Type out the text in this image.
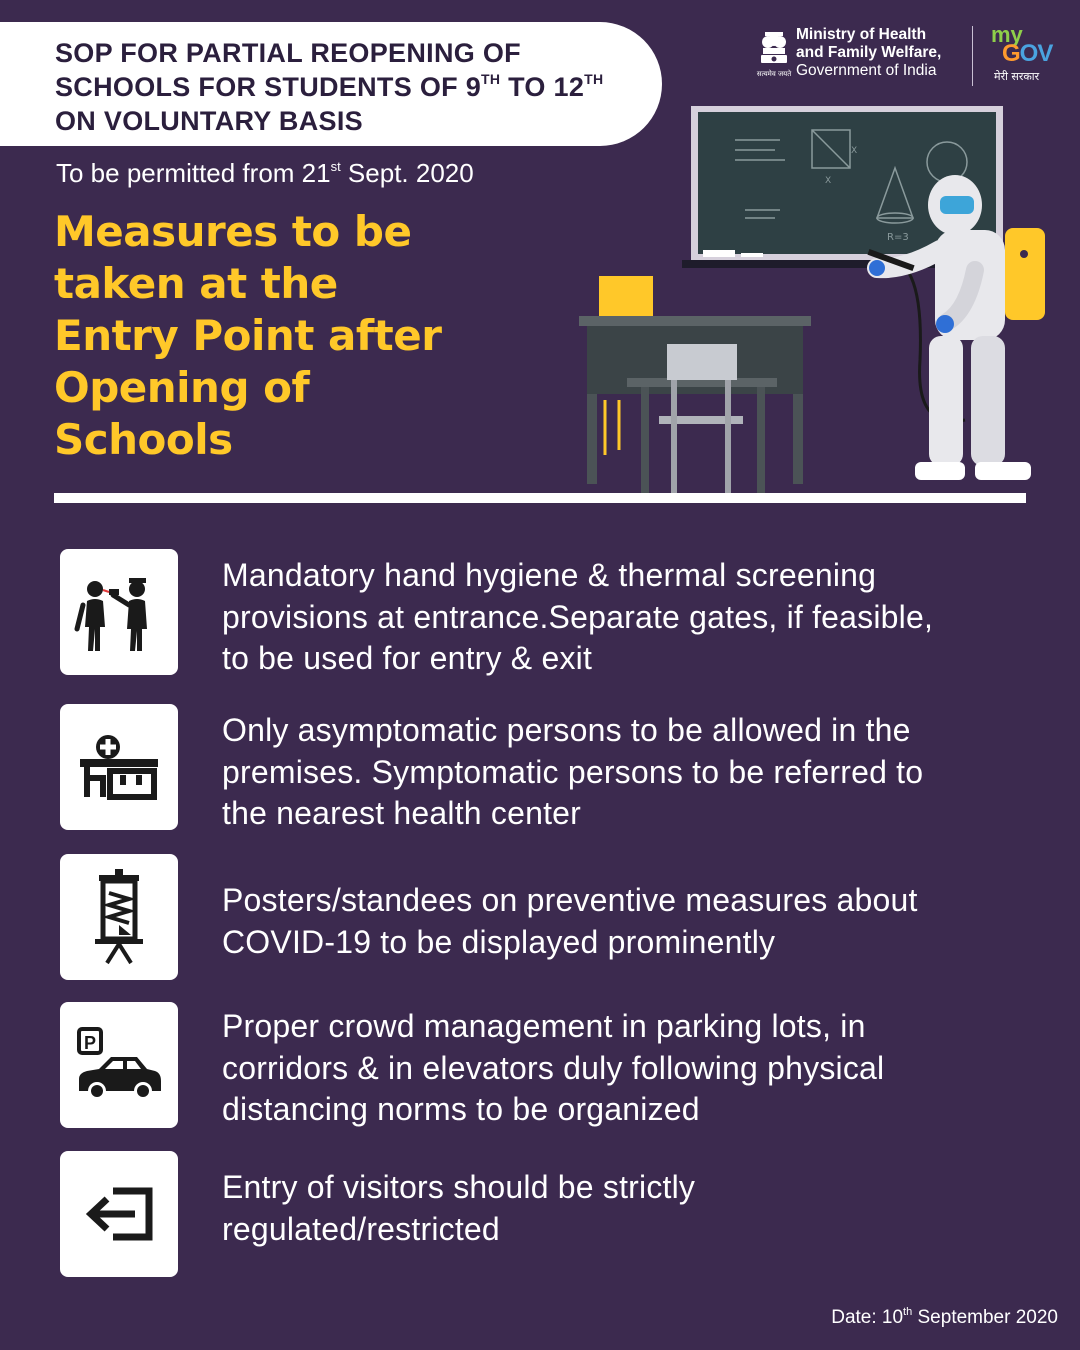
SOP FOR PARTIAL REOPENING OF
SCHOOLS FOR STUDENTS OF 9TH TO 12TH
ON VOLUNTARY BASIS
To be permitted from 21st Sept. 2020
सत्यमेव जयते
Ministry of Health
and Family Welfare,
Government of India
my
GOV
मेरी सरकार
Measures to be
taken at the
Entry Point after
Opening of
Schools
X
X
R=3
Mandatory hand hygiene & thermal screening
provisions at entrance.Separate gates, if feasible,
to be used for entry & exit
Only asymptomatic persons to be allowed in the
premises. Symptomatic persons to be referred to
the nearest health center
Posters/standees on preventive measures about
COVID-19 to be displayed prominently
P	Proper crowd management in parking lots, in
corridors & in elevators duly following physical
distancing norms to be organized
Entry of visitors should be strictly
regulated/restricted
Date: 10th September 2020
